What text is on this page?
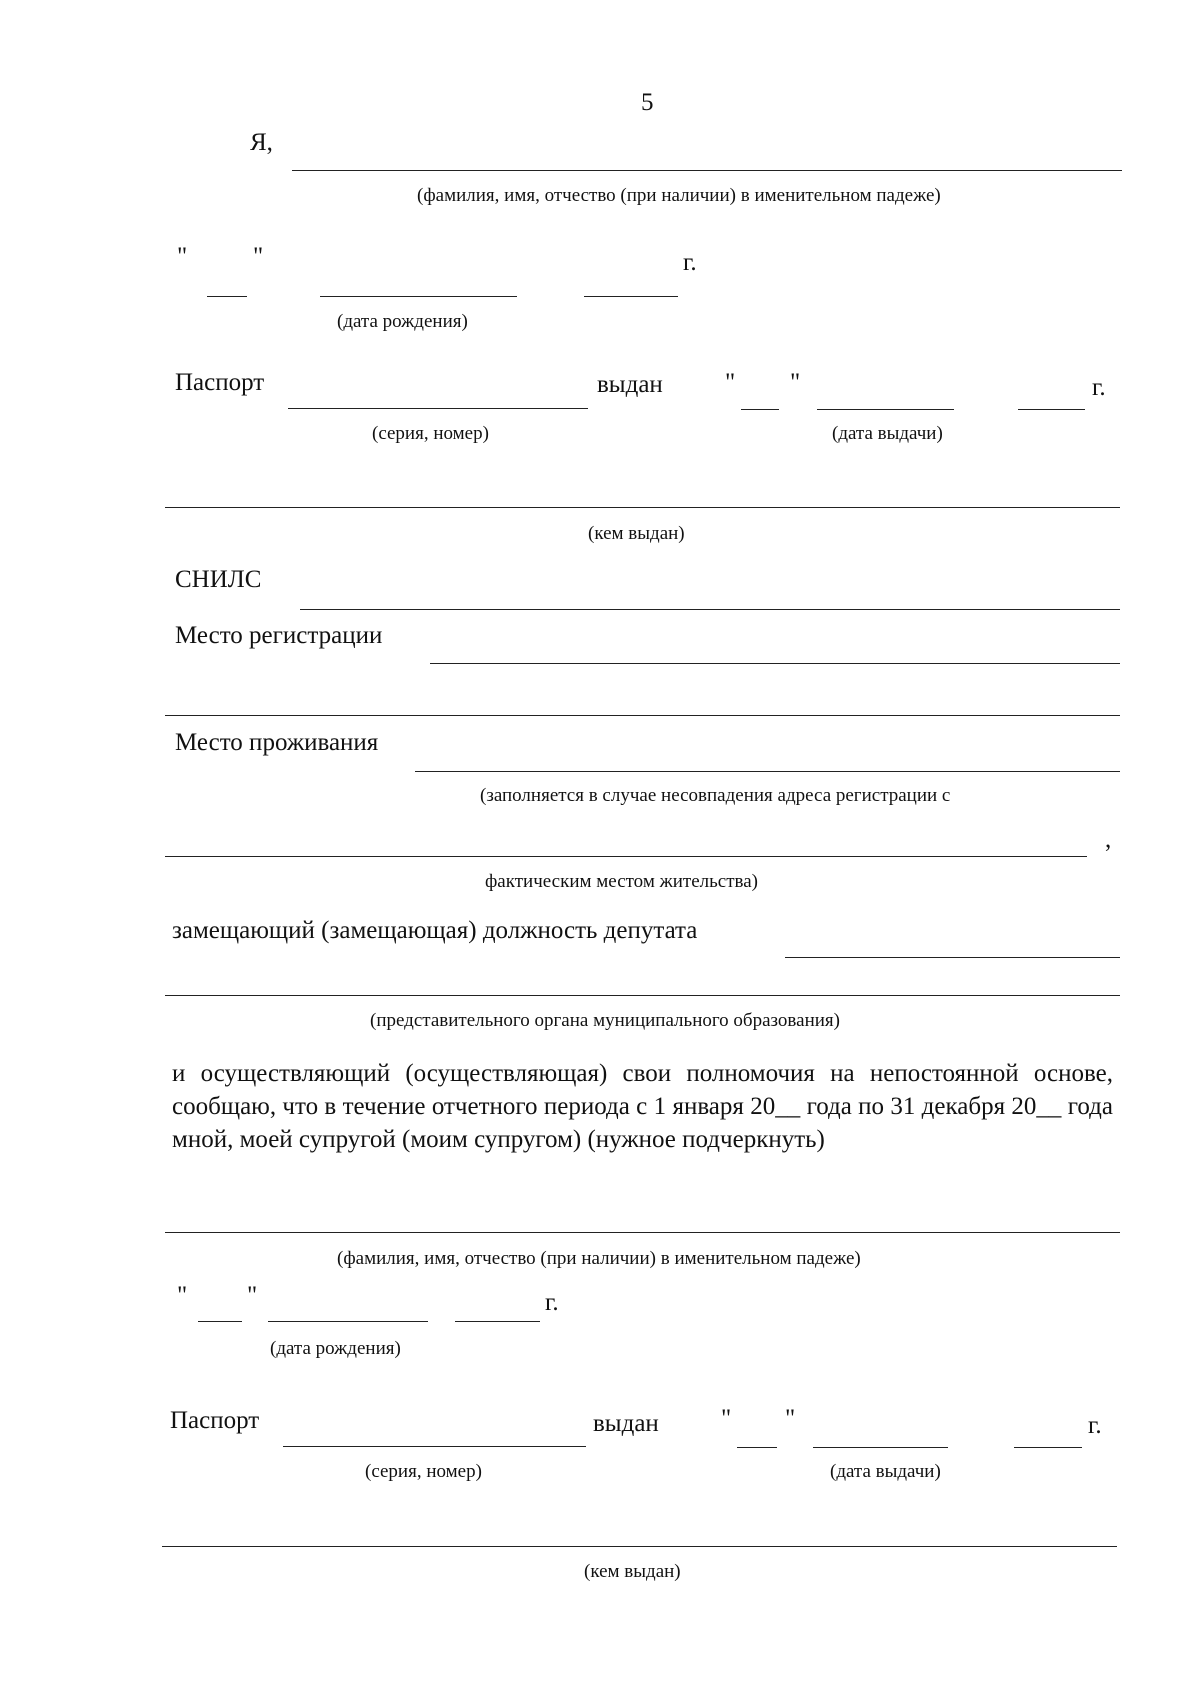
5
Я,
(фамилия, имя, отчество (при наличии) в именительном падеже)
"	"	г.
(дата рождения)
Паспорт	выдан " "	г.
(серия, номер)	(дата выдачи)
(кем выдан)
СНИЛС
Место регистрации
Место проживания
(заполняется в случае несовпадения адреса регистрации с
,
фактическим местом жительства)
замещающий (замещающая) должность депутата
(представительного органа муниципального образования)
и осуществляющий (осуществляющая) свои полномочия на непостоянной основе, сообщаю, что в течение отчетного периода с 1 января 20__ года по 31 декабря 20__ года мной, моей супругой (моим супругом) (нужное подчеркнуть)
(фамилия, имя, отчество (при наличии) в именительном падеже)
" "	г.
(дата рождения)
Паспорт	выдан " "	г.
(серия, номер)	(дата выдачи)
(кем выдан)
